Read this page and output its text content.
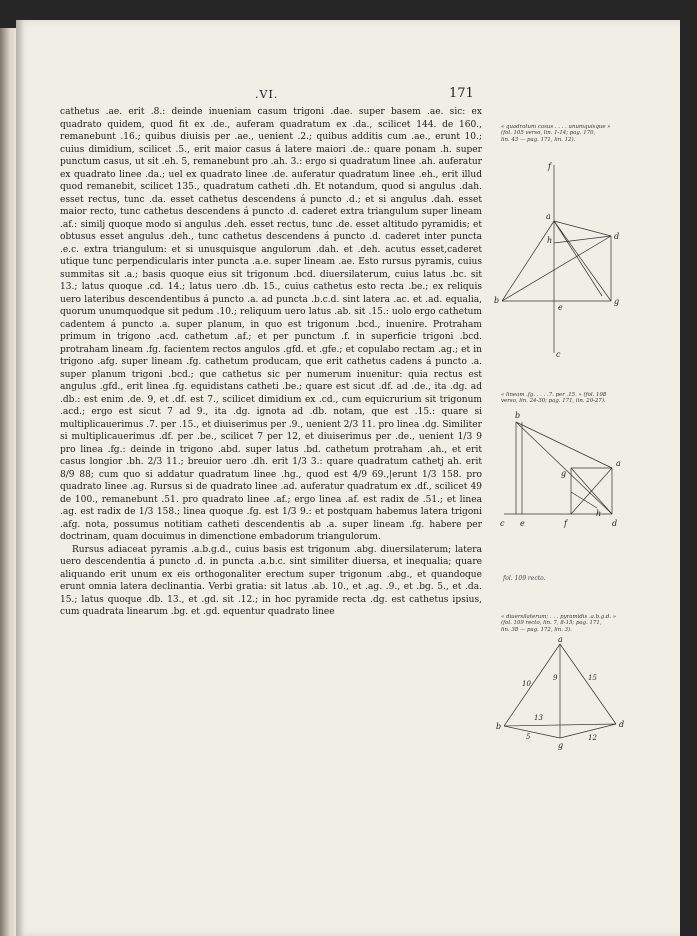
.VI.	171

cathetus .ae. erit .8.: deinde inueniam casum trigoni .dae. super basem .ae. sic: ex quadrato quidem, quod fit ex .de., auferam quadratum ex .da., scilicet 144. de 160., remanebunt .16.; quibus diuisis per .ae., uenient .2.; quibus additis cum .ae., erunt 10.; cuius dimidium, scilicet .5., erit maior casus á latere maiori .de.: quare ponam .h. super punctum casus, ut sit .eh. 5, remanebunt pro .ah. 3.: ergo si quadratum linee .ah. auferatur ex quadrato linee .da.; uel ex quadrato linee .de. auferatur quadratum linee .eh., erit illud quod remanebit, scilicet 135., quadratum catheti .dh. Et notandum, quod si angulus .dah. esset rectus, tunc .da. esset cathetus descendens á puncto .d.; et si angulus .dah. esset maior recto, tunc cathetus descendens á puncto .d. caderet extra triangulum super lineam .af.: similj quoque modo si angulus .deh. esset rectus, tunc .de. esset altitudo pyramidis; et obtusus esset angulus .deh., tunc cathetus descendens á puncto .d. caderet inter puncta .e.c. extra triangulum: et si unusquisque angulorum .dah. et .deh. acutus esset,caderet utique tunc perpendicularis inter puncta .a.e. super lineam .ae. Esto rursus pyramis, cuius summitas sit .a.; basis quoque eius sit trigonum .bcd. diuersilaterum, cuius latus .bc. sit 13.; latus quoque .cd. 14.; latus uero .db. 15., cuius cathetus esto recta .be.; ex reliquis uero lateribus descendentibus á puncto .a. ad puncta .b.c.d. sint latera .ac. et .ad. equalia, quorum unumquodque sit pedum .10.; reliquum uero latus .ab. sit .15.: uolo ergo cathetum cadentem á puncto .a. super planum, in quo est trigonum .bcd., inuenire. Protraham primum in trigono .acd. cathetum .af.; et per punctum .f. in superficie trigoni .bcd. protraham lineam .fg. facientem rectos angulos .gfd. et .gfe.; et copulabo rectam .ag.; et in trigono .afg. super lineam .fg. cathetum producam, que erit cathetus cadens á puncto .a. super planum trigoni .bcd.; que cathetus sic per numerum inuenitur: quia rectus est angulus .gfd., erit linea .fg. equidistans catheti .be.; quare est sicut .df. ad .de., ita .dg. ad .db.: est enim .de. 9, et .df. est 7., scilicet dimidium ex .cd., cum equicrurium sit trigonum .acd.; ergo est sicut 7 ad 9., ita .dg. ignota ad .db. notam, que est .15.: quare si multiplicauerimus .7. per .15., et diuiserimus per .9., uenient 2/3 11. pro linea .dg. Similiter si multiplicauerimus .df. per .be., scilicet 7 per 12, et diuiserimus per .de., uenient 1/3 9 pro linea .fg.: deinde in trigono .abd. super latus .bd. cathetum protraham .ah., et erit casus longior .bh. 2/3 11.; breuior uero .dh. erit 1/3 3.: quare quadratum cathetj ah. erit 8/9 88; cum quo si addatur quadratum linee .hg., quod est 4/9 69.,|erunt 1/3 158. pro quadrato linee .ag. Rursus si de quadrato linee .ad. auferatur quadratum ex .df., scilicet 49 de 100., remanebunt .51. pro quadrato linee .af.; ergo linea .af. est radix de .51.; et linea .ag. est radix de 1/3 158.; linea quoque .fg. est 1/3 9.: et postquam habemus latera trigoni .afg. nota, possumus notitiam catheti descendentis ab .a. super lineam .fg. habere per doctrinam, quam docuimus in dimenctione embadorum triangulorum.

Rursus adiaceat pyramis .a.b.g.d., cuius basis est trigonum .abg. diuersilaterum; latera uero descendentia á puncto .d. in puncta .a.b.c. sint similiter diuersa, et inequalia; quare aliquando erit unum ex eis orthogonaliter erectum super trigonum .abg., et quandoque erunt omnia latera declinantia. Verbi gratia: sit latus .ab. 10., et .ag. .9., et .bg. 5., et .da. 15.; latus quoque .db. 13., et .gd. sit .12.; in hoc pyramide recta .dg. est cathetus ipsius, cum quadrata linearum .bg. et .gd. equentur quadrato linee

« quadratum casus . . . . unumquisque »
(fol. 105 verso, lin. 1-14; pag. 170,
lin. 43 — pag. 171, lin. 12).
« lineam .fg. . . . .7. per .15. » (fol. 108
verso, lin. 24-30; pag. 171, lin. 20-27).
« diuersilaterum; . . . pyramidis .a.b.g.d. »
(fol. 109 recto, lin. 7, 8-15; pag. 171,
lin. 38 — pag. 172, lin. 3).
fol. 109 recto.
f
a
h	d
b
e
g
c
b
a
g
h
c e	f	d
a
10
9	15
13
b	d
5	12
g
